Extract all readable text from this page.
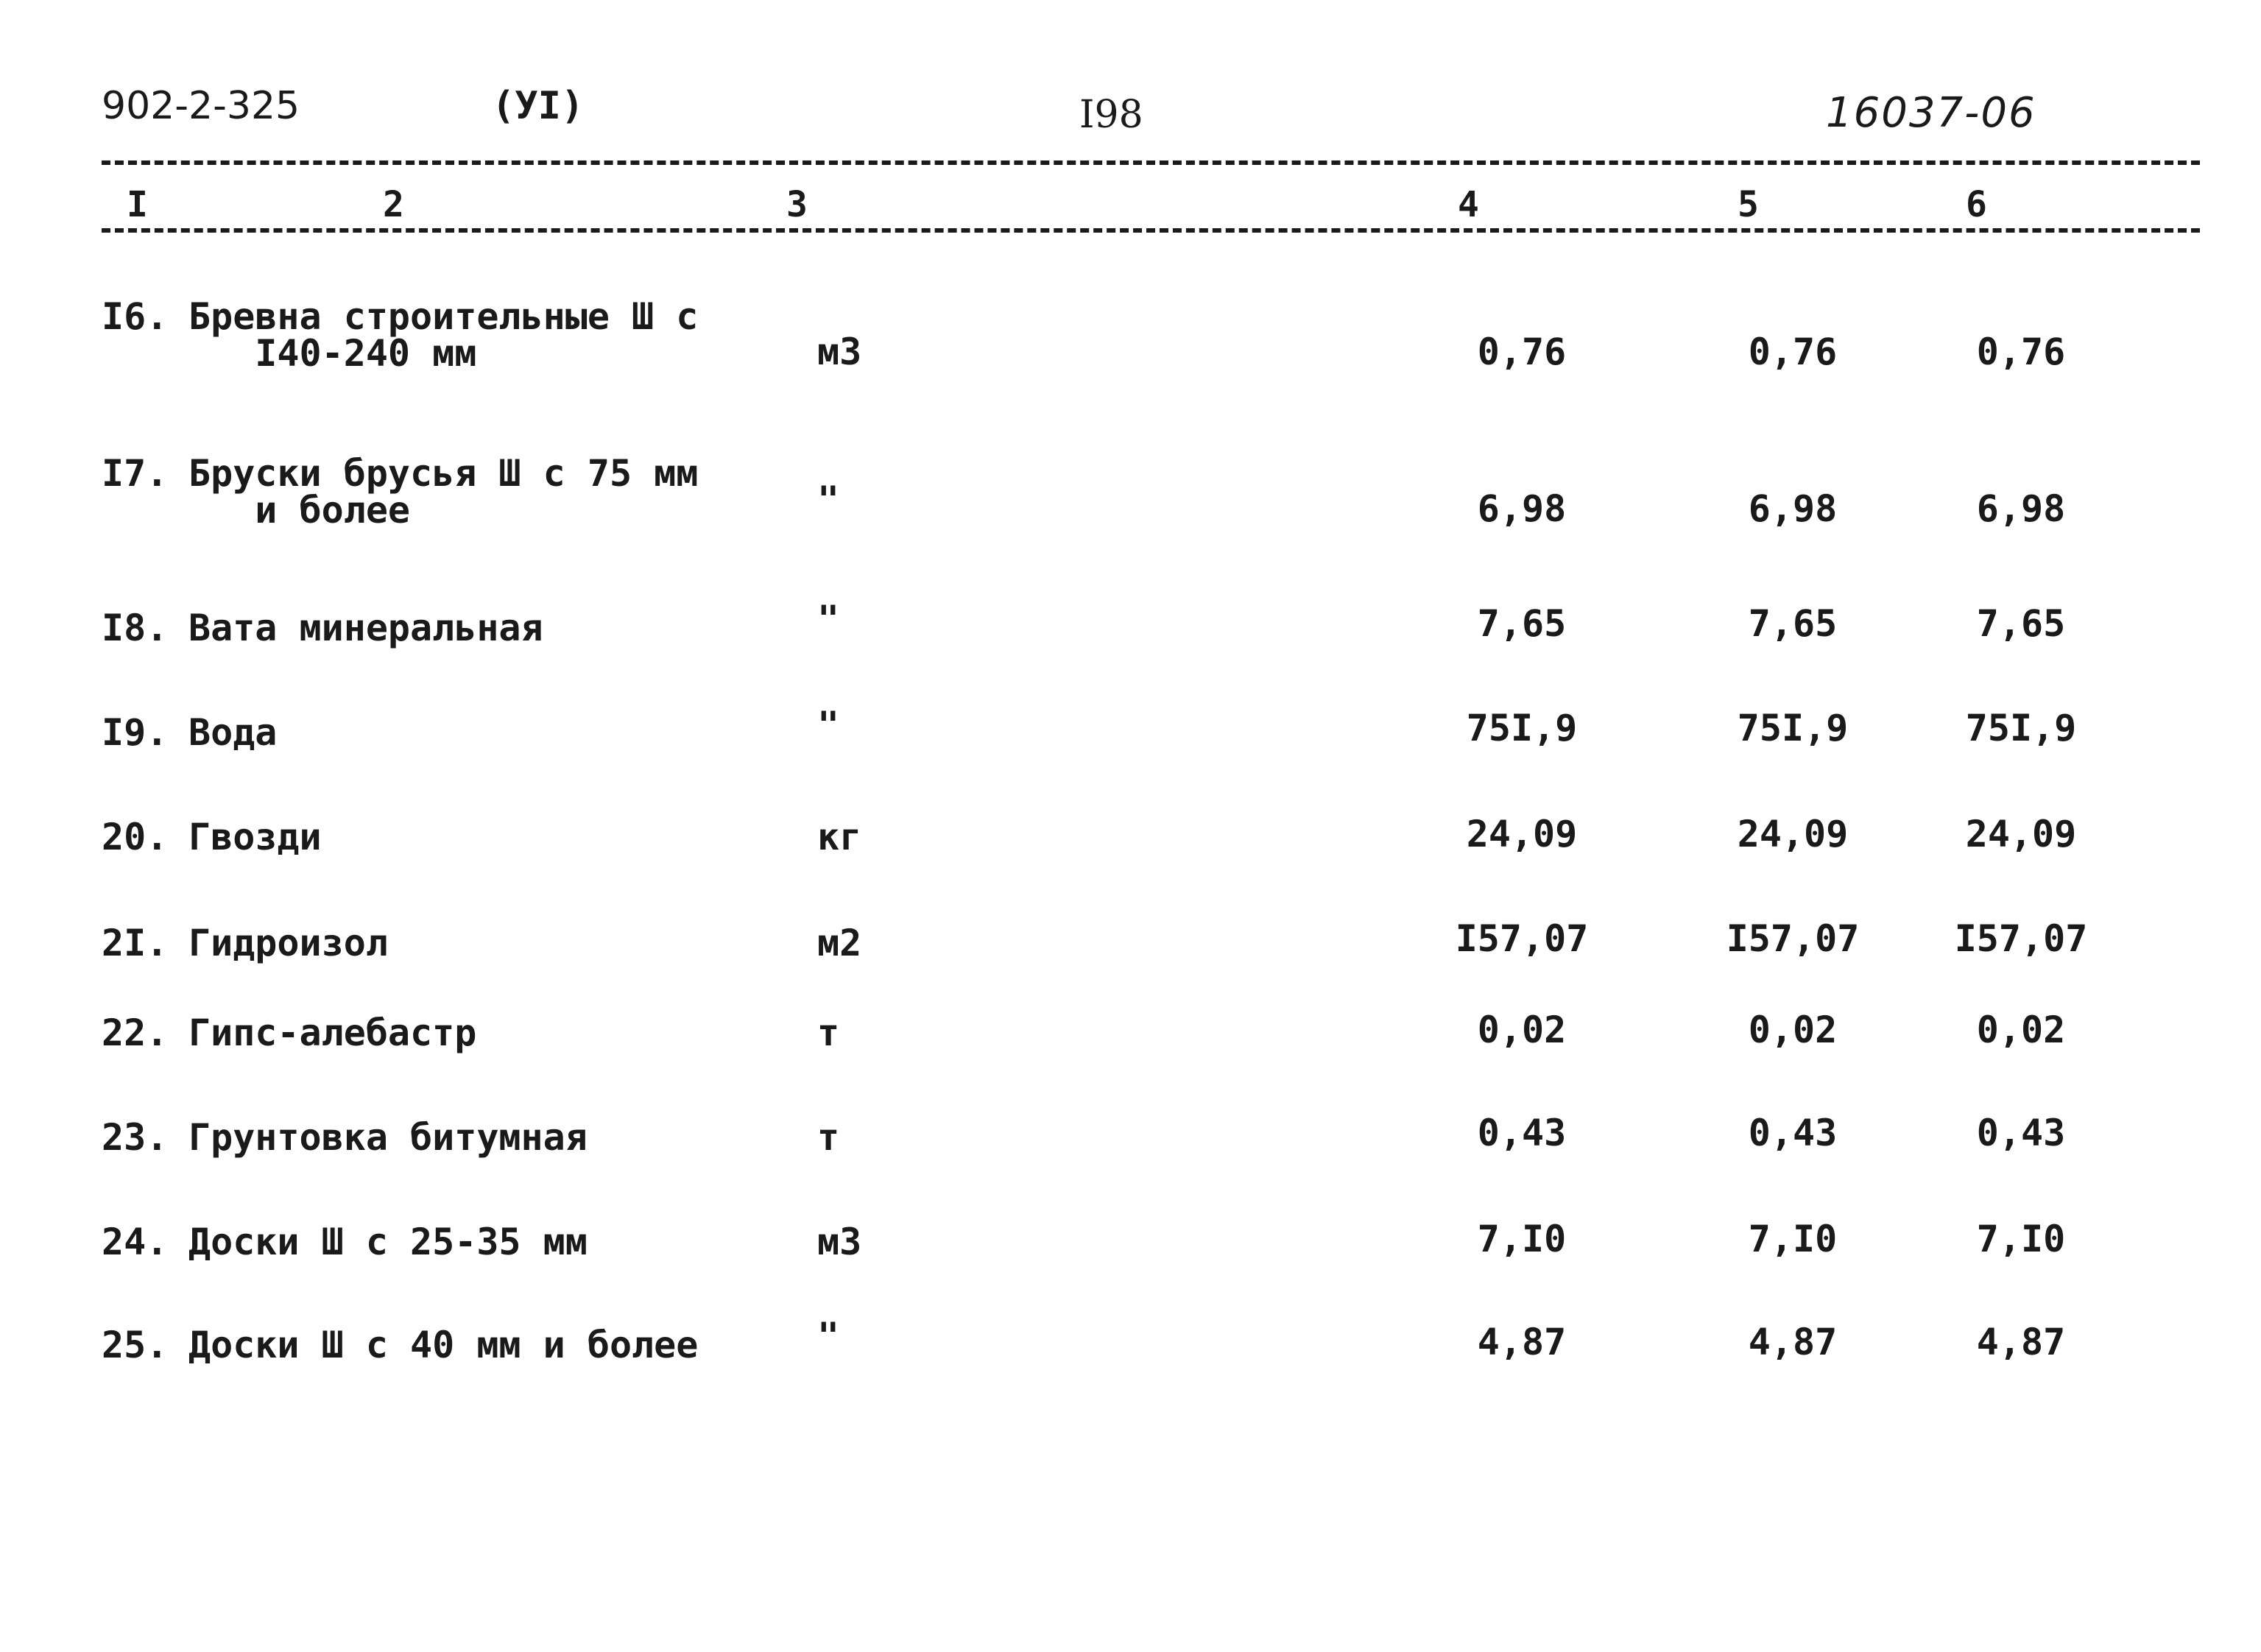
902-2-325	(УI)	I98	16037-06
I	2	3	4	5	6
I6. Бревна строительные Ш с
I40-240 мм	м3	0,76	0,76	0,76
I7. Бруски брусья Ш с 75 мм
и более	"	6,98	6,98	6,98
I8. Вата минеральная	"	7,65	7,65	7,65
I9. Вода	"	75I,9	75I,9	75I,9
20. Гвозди	кг	24,09	24,09	24,09
2I. Гидроизол	м2	I57,07	I57,07	I57,07
22. Гипс-алебастр	т	0,02	0,02	0,02
23. Грунтовка битумная	т	0,43	0,43	0,43
24. Доски Ш с 25-35 мм	м3	7,I0	7,I0	7,I0
25. Доски Ш с 40 мм и более	"	4,87	4,87	4,87
